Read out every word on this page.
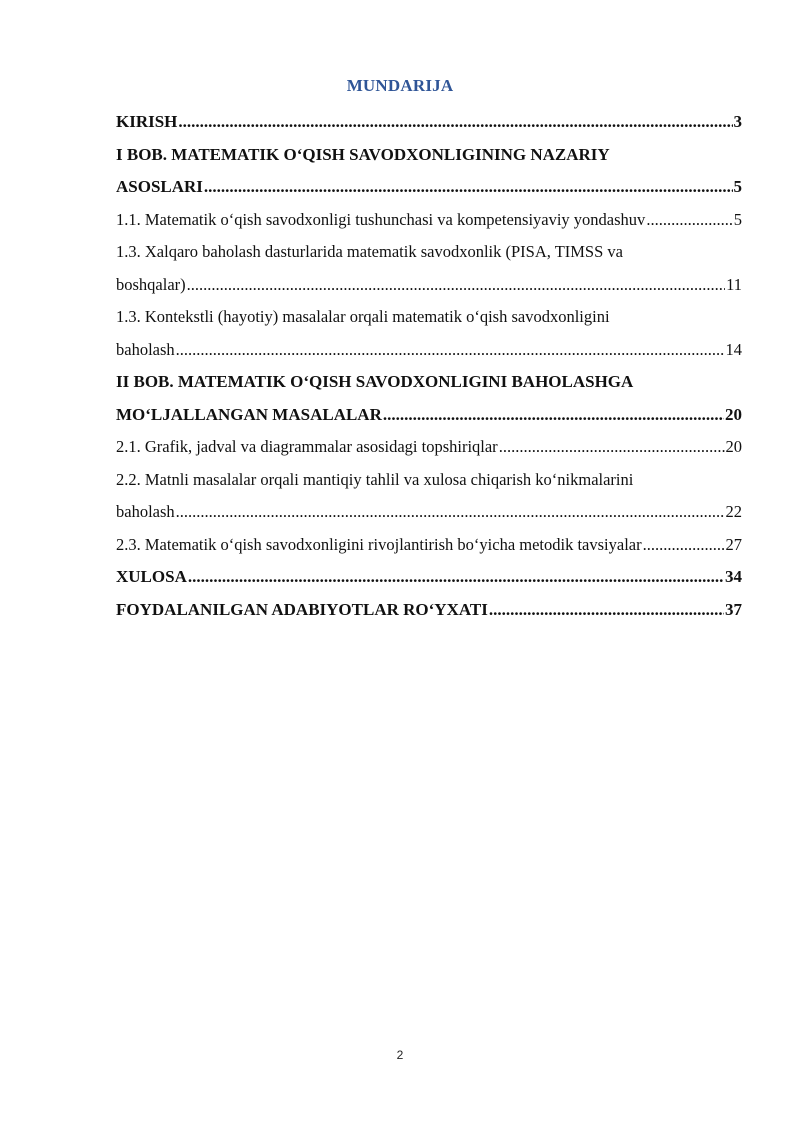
MUNDARIJA
KIRISH .....	3
I BOB. MATEMATIK O‘QISH SAVODXONLIGINING NAZARIY
ASOSLARI .....	5
1.1. Matematik o‘qish savodxonligi tushunchasi va kompetensiyaviy yondashuv .....	5
1.3. Xalqaro baholash dasturlarida matematik savodxonlik (PISA, TIMSS va
boshqalar) .....	11
1.3. Kontekstli (hayotiy) masalalar orqali matematik o‘qish savodxonligini
baholash .....	14
II BOB. MATEMATIK O‘QISH SAVODXONLIGINI BAHOLASHGA
MO‘LJALLANGAN MASALALAR .....	20
2.1. Grafik, jadval va diagrammalar asosidagi topshiriqlar .....	20
2.2. Matnli masalalar orqali mantiqiy tahlil va xulosa chiqarish ko‘nikmalarini
baholash .....	22
2.3. Matematik o‘qish savodxonligini rivojlantirish bo‘yicha metodik tavsiyalar .....	27
XULOSA .....	34
FOYDALANILGAN ADABIYOTLAR RO‘YXATI .....	37
2
